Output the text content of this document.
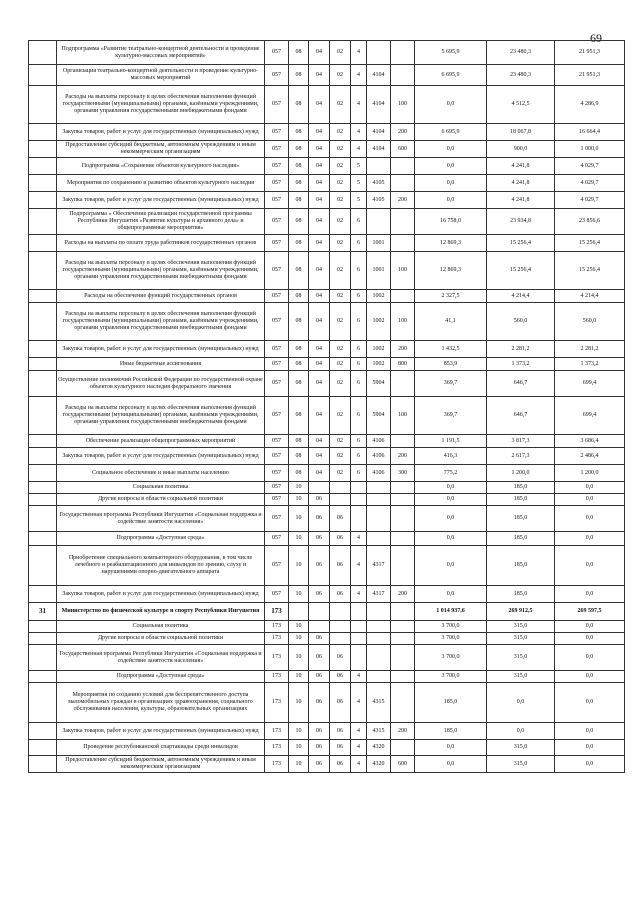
69
	Подпрограмма «Развитие театрально-концертной деятельности и проведение культурно-массовых мероприятий»	057	08	04	02	4			5 695,9	23 480,3	21 951,3
	Организация театрально-концертной деятельности и проведение культурно-массовых мероприятий	057	08	04	02	4	4104		6 695,9	23 480,3	21 951,3
	Расходы на выплаты персоналу в целях обеспечения выполнения функций государственными (муниципальными) органами, казёнными учреждениями, органами управления государственными внебюджетными фондами	057	08	04	02	4	4104	100	0,0	4 512,5	4 286,9
	Закупка товаров, работ и услуг для государственных (муниципальных) нужд	057	08	04	02	4	4104	200	6 695,9	18 067,8	16 664,4
	Предоставление субсидий бюджетным, автономным учреждениям и иным некоммерческим организациям	057	08	04	02	4	4104	600	0,0	900,0	1 000,0
	Подпрограмма «Сохранение объектов культурного наследия»	057	08	04	02	5			0,0	4 241,8	4 029,7
	Мероприятия по сохранению и развитию объектов культурного наследия	057	08	04	02	5	4105		0,0	4 241,8	4 029,7
	Закупка товаров, работ и услуг для государственных (муниципальных) нужд	057	08	04	02	5	4105	200	0,0	4 241,8	4 029,7
	Подпрограмма « Обеспечение реализации государственной программы Республики Ингушетия «Развитие культуры и архивного дела» и общепрограммные мероприятия»	057	08	04	02	6			16 758,0	23 934,8	23 856,6
	Расходы на выплаты по оплате труда работников государственных органов	057	08	04	02	6	1001		12 869,3	15 256,4	15 256,4
	Расходы на выплаты персоналу в целях обеспечения выполнения функций государственными (муниципальными) органами, казёнными учреждениями, органами управления государственными внебюджетными фондами	057	08	04	02	6	1001	100	12 869,3	15 256,4	15 256,4
	Расходы на обеспечение функций государственных органов	057	08	04	02	6	1002		2 327,5	4 214,4	4 214,4
	Расходы на выплаты персоналу в целях обеспечения выполнения функций государственными (муниципальными) органами, казёнными учреждениями, органами управления государственными внебюджетными фондами	057	08	04	02	6	1002	100	41,1	560,0	560,0
	Закупка товаров, работ и услуг для государственных (муниципальных) нужд	057	08	04	02	6	1002	200	1 432,5	2 281,2	2 281,2
	Иные бюджетные ассигнования	057	08	04	02	6	1002	800	853,9	1 373,2	1 373,2
	Осуществление полномочий Российской Федерации по государственной охране объектов культурного наследия федерального значения	057	08	04	02	6	5904		369,7	646,7	699,4
	Расходы на выплаты персоналу в целях обеспечения выполнения функций государственными (муниципальными) органами, казёнными учреждениями, органами управления государственными внебюджетными фондами	057	08	04	02	6	5904	100	369,7	646,7	699,4
	Обеспечение реализации общепрограммных мероприятий	057	08	04	02	6	4106		1 191,5	3 817,3	3 686,4
	Закупка товаров, работ и услуг для государственных (муниципальных) нужд	057	08	04	02	6	4106	200	416,3	2 617,3	2 486,4
	Социальное обеспечение и иные выплаты населению	057	08	04	02	6	4106	300	775,2	1 200,0	1 200,0
	Социальная политика	057	10						0,0	185,0	0,0
	Другие вопросы в области социальной политики	057	10	06					0,0	185,0	0,0
	Государственная программа Республики Ингушетия «Социальная поддержка и содействие занятости населения»	057	10	06	06				0,0	185,0	0,0
	Подпрограмма «Доступная среда»	057	10	06	06	4			0,0	185,0	0,0
	Приобретение специального компьютерного оборудования, в том числе лечебного и реабилитационного для инвалидов по зрению, слуху и нарушениями опорно-двигательного аппарата	057	10	06	06	4	4317		0,0	185,0	0,0
	Закупка товаров, работ и услуг для государственных (муниципальных) нужд	057	10	06	06	4	4317	200	0,0	185,0	0,0
31	Министерство по физической культуре и спорту Республики Ингушетия	173							1 014 937,6	269 912,5	269 597,5
	Социальная политика	173	10						3 700,0	315,0	0,0
	Другие вопросы в области социальной политики	173	10	06					3 700,0	315,0	0,0
	Государственная программа Республики Ингушетия «Социальная поддержка и содействие занятости населения»	173	10	06	06				3 700,0	315,0	0,0
	Подпрограмма «Доступная среда»	173	10	06	06	4			3 700,0	315,0	0,0
	Мероприятия по созданию условий для беспрепятственного доступа маломобильных граждан в организациях здравоохранения, социального обслуживания населения, культуры, образовательных организациях	173	10	06	06	4	4315		185,0	0,0	0,0
	Закупка товаров, работ и услуг для государственных (муниципальных) нужд	173	10	06	06	4	4315	200	185,0	0,0	0,0
	Проведение республиканской спартакиады среди инвалидов	173	10	06	06	4	4320		0,0	315,0	0,0
	Предоставление субсидий бюджетным, автономным учреждениям и иным некоммерческим организациям	173	10	06	06	4	4320	600	0,0	315,0	0,0
